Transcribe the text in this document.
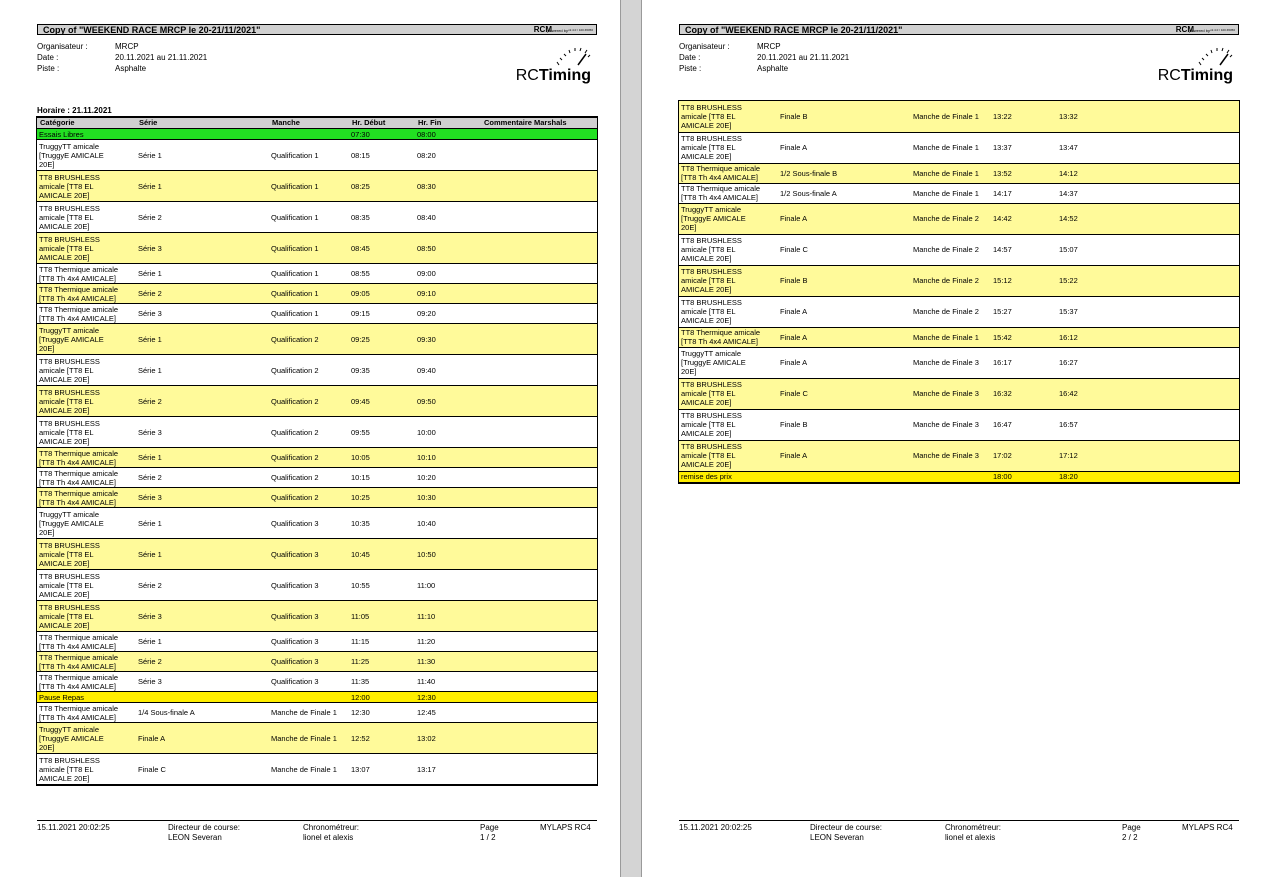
Copy of "WEEKEND RACE MRCP le 20-21/11/2021"	powered by
RCM	v2.4.0 / 100 #6056
Organisateur :	MRCP
Date :	20.11.2021 au 21.11.2021
Piste :	Asphalte	RCTiming
Horaire : 21.11.2021
Catégorie	Série	Manche	Hr. Début	Hr. Fin	Commentaire Marshals
Essais Libres			07:30	08:00	

TruggyTT amicale
[TruggyE AMICALE
20E]	Série 1	Qualification 1	08:15	08:20	

TT8 BRUSHLESS
amicale [TT8 EL
AMICALE 20E]	Série 1	Qualification 1	08:25	08:30	

TT8 BRUSHLESS
amicale [TT8 EL
AMICALE 20E]	Série 2	Qualification 1	08:35	08:40	

TT8 BRUSHLESS
amicale [TT8 EL
AMICALE 20E]	Série 3	Qualification 1	08:45	08:50	

TT8 Thermique amicale
[TT8 Th 4x4 AMICALE]	Série 1	Qualification 1	08:55	09:00	

TT8 Thermique amicale
[TT8 Th 4x4 AMICALE]	Série 2	Qualification 1	09:05	09:10	

TT8 Thermique amicale
[TT8 Th 4x4 AMICALE]	Série 3	Qualification 1	09:15	09:20	

TruggyTT amicale
[TruggyE AMICALE
20E]	Série 1	Qualification 2	09:25	09:30	

TT8 BRUSHLESS
amicale [TT8 EL
AMICALE 20E]	Série 1	Qualification 2	09:35	09:40	

TT8 BRUSHLESS
amicale [TT8 EL
AMICALE 20E]	Série 2	Qualification 2	09:45	09:50	

TT8 BRUSHLESS
amicale [TT8 EL
AMICALE 20E]	Série 3	Qualification 2	09:55	10:00	

TT8 Thermique amicale
[TT8 Th 4x4 AMICALE]	Série 1	Qualification 2	10:05	10:10	

TT8 Thermique amicale
[TT8 Th 4x4 AMICALE]	Série 2	Qualification 2	10:15	10:20	

TT8 Thermique amicale
[TT8 Th 4x4 AMICALE]	Série 3	Qualification 2	10:25	10:30	

TruggyTT amicale
[TruggyE AMICALE
20E]	Série 1	Qualification 3	10:35	10:40	

TT8 BRUSHLESS
amicale [TT8 EL
AMICALE 20E]	Série 1	Qualification 3	10:45	10:50	

TT8 BRUSHLESS
amicale [TT8 EL
AMICALE 20E]	Série 2	Qualification 3	10:55	11:00	

TT8 BRUSHLESS
amicale [TT8 EL
AMICALE 20E]	Série 3	Qualification 3	11:05	11:10	

TT8 Thermique amicale
[TT8 Th 4x4 AMICALE]	Série 1	Qualification 3	11:15	11:20	

TT8 Thermique amicale
[TT8 Th 4x4 AMICALE]	Série 2	Qualification 3	11:25	11:30	

TT8 Thermique amicale
[TT8 Th 4x4 AMICALE]	Série 3	Qualification 3	11:35	11:40	
Pause Repas			12:00	12:30	

TT8 Thermique amicale
[TT8 Th 4x4 AMICALE]	1/4 Sous-finale A	Manche de Finale 1	12:30	12:45	

TruggyTT amicale
[TruggyE AMICALE
20E]	Finale A	Manche de Finale 1	12:52	13:02	

TT8 BRUSHLESS
amicale [TT8 EL
AMICALE 20E]	Finale C	Manche de Finale 1	13:07	13:17	
15.11.2021 20:02:25	Directeur de course:
LEON Severan
Chronométreur:
lionel et alexis
Page
1 / 2
MYLAPS RC4
Copy of "WEEKEND RACE MRCP le 20-21/11/2021"	powered by
RCM	v2.4.0 / 100 #6056
Organisateur :	MRCP
Date :	20.11.2021 au 21.11.2021
Piste :	Asphalte	RCTiming
TT8 BRUSHLESS
amicale [TT8 EL
AMICALE 20E]	Finale B	Manche de Finale 1	13:22	13:32	

TT8 BRUSHLESS
amicale [TT8 EL
AMICALE 20E]	Finale A	Manche de Finale 1	13:37	13:47	

TT8 Thermique amicale
[TT8 Th 4x4 AMICALE]	1/2 Sous-finale B	Manche de Finale 1	13:52	14:12	

TT8 Thermique amicale
[TT8 Th 4x4 AMICALE]	1/2 Sous-finale A	Manche de Finale 1	14:17	14:37	

TruggyTT amicale
[TruggyE AMICALE
20E]	Finale A	Manche de Finale 2	14:42	14:52	

TT8 BRUSHLESS
amicale [TT8 EL
AMICALE 20E]	Finale C	Manche de Finale 2	14:57	15:07	

TT8 BRUSHLESS
amicale [TT8 EL
AMICALE 20E]	Finale B	Manche de Finale 2	15:12	15:22	

TT8 BRUSHLESS
amicale [TT8 EL
AMICALE 20E]	Finale A	Manche de Finale 2	15:27	15:37	

TT8 Thermique amicale
[TT8 Th 4x4 AMICALE]	Finale A	Manche de Finale 1	15:42	16:12	

TruggyTT amicale
[TruggyE AMICALE
20E]	Finale A	Manche de Finale 3	16:17	16:27	

TT8 BRUSHLESS
amicale [TT8 EL
AMICALE 20E]	Finale C	Manche de Finale 3	16:32	16:42	

TT8 BRUSHLESS
amicale [TT8 EL
AMICALE 20E]	Finale B	Manche de Finale 3	16:47	16:57	

TT8 BRUSHLESS
amicale [TT8 EL
AMICALE 20E]	Finale A	Manche de Finale 3	17:02	17:12	
remise des prix			18:00	18:20	
15.11.2021 20:02:25	Directeur de course:
LEON Severan
Chronométreur:
lionel et alexis
Page
2 / 2
MYLAPS RC4
